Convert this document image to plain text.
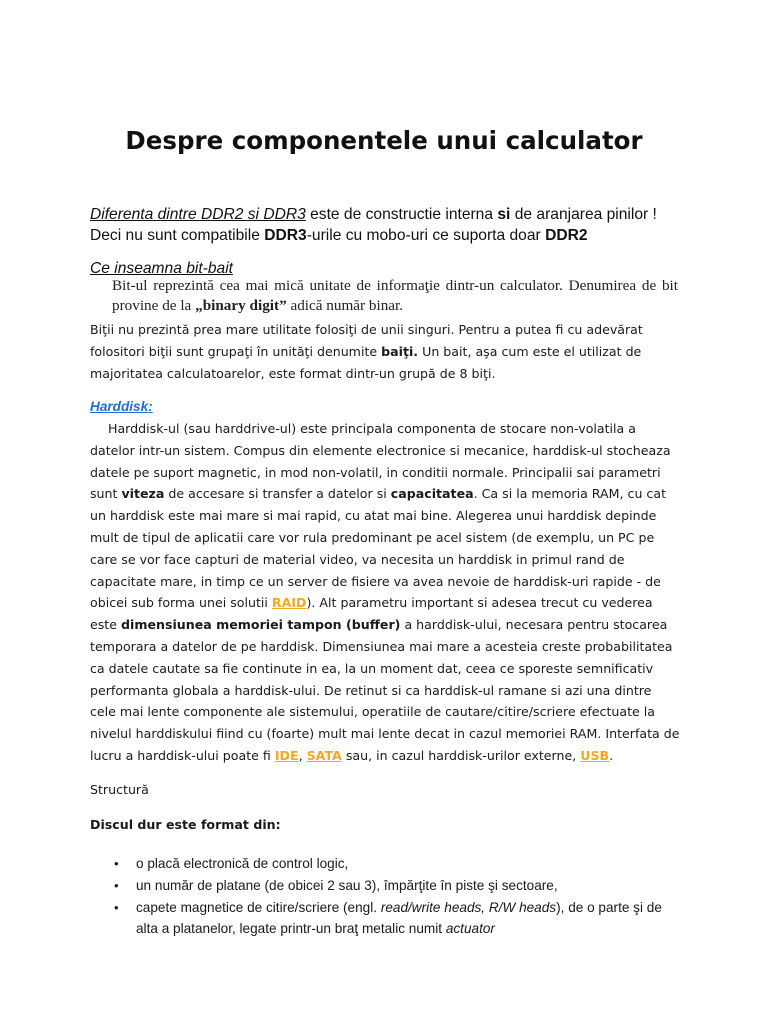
Despre componentele unui calculator
Diferenta dintre DDR2 si DDR3 este de constructie interna si de aranjarea pinilor ! Deci nu sunt compatibile DDR3-urile cu mobo-uri ce suporta doar DDR2
Ce inseamna bit-bait
Bit-ul reprezintă cea mai mică unitate de informaţie dintr-un calculator. Denumirea de bit provine de la „binary digit” adică număr binar.
Biţii nu prezintă prea mare utilitate folosiţi de unii singuri. Pentru a putea fi cu adevărat folositori biţii sunt grupaţi în unităţi denumite baiţi. Un bait, aşa cum este el utilizat de majoritatea calculatoarelor, este format dintr-un grupă de 8 biţi.
Harddisk:
Harddisk-ul (sau harddrive-ul) este principala componenta de stocare non-volatila a datelor intr-un sistem. Compus din elemente electronice si mecanice, harddisk-ul stocheaza datele pe suport magnetic, in mod non-volatil, in conditii normale. Principalii sai parametri sunt viteza de accesare si transfer a datelor si capacitatea. Ca si la memoria RAM, cu cat un harddisk este mai mare si mai rapid, cu atat mai bine. Alegerea unui harddisk depinde mult de tipul de aplicatii care vor rula predominant pe acel sistem (de exemplu, un PC pe care se vor face capturi de material video, va necesita un harddisk in primul rand de capacitate mare, in timp ce un server de fisiere va avea nevoie de harddisk-uri rapide - de obicei sub forma unei solutii RAID). Alt parametru important si adesea trecut cu vederea este dimensiunea memoriei tampon (buffer) a harddisk-ului, necesara pentru stocarea temporara a datelor de pe harddisk. Dimensiunea mai mare a acesteia creste probabilitatea ca datele cautate sa fie continute in ea, la un moment dat, ceea ce sporeste semnificativ performanta globala a harddisk-ului. De retinut si ca harddisk-ul ramane si azi una dintre cele mai lente componente ale sistemului, operatiile de cautare/citire/scriere efectuate la nivelul harddiskului fiind cu (foarte) mult mai lente decat in cazul memoriei RAM. Interfata de lucru a harddisk-ului poate fi IDE, SATA sau, in cazul harddisk-urilor externe, USB.
Structură
Discul dur este format din:
• o placă electronică de control logic,
• un număr de platane (de obicei 2 sau 3), împărţite în piste şi sectoare,
• capete magnetice de citire/scriere (engl. read/write heads, R/W heads), de o parte şi de alta a platanelor, legate printr-un braţ metalic numit actuator
